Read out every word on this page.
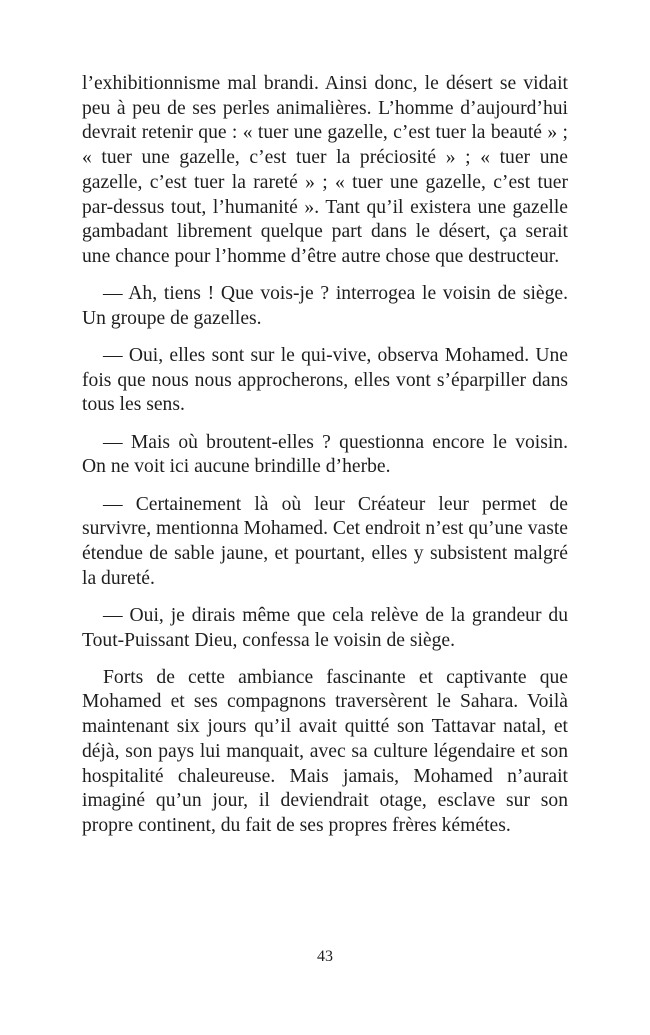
l’exhibitionnisme mal brandi. Ainsi donc, le désert se vidait peu à peu de ses perles animalières. L’homme d’aujourd’hui devrait retenir que : « tuer une gazelle, c’est tuer la beauté » ; « tuer une gazelle, c’est tuer la préciosité » ; « tuer une gazelle, c’est tuer la rareté » ; « tuer une gazelle, c’est tuer par-dessus tout, l’humanité ». Tant qu’il existera une gazelle gambadant librement quelque part dans le désert, ça serait une chance pour l’homme d’être autre chose que destructeur.

— Ah, tiens ! Que vois-je ? interrogea le voisin de siège. Un groupe de gazelles.

— Oui, elles sont sur le qui-vive, observa Mohamed. Une fois que nous nous approcherons, elles vont s’éparpiller dans tous les sens.

— Mais où broutent-elles ? questionna encore le voisin. On ne voit ici aucune brindille d’herbe.

— Certainement là où leur Créateur leur permet de survivre, mentionna Mohamed. Cet endroit n’est qu’une vaste étendue de sable jaune, et pourtant, elles y subsistent malgré la dureté.

— Oui, je dirais même que cela relève de la grandeur du Tout-Puissant Dieu, confessa le voisin de siège.

Forts de cette ambiance fascinante et captivante que Mohamed et ses compagnons traversèrent le Sahara. Voilà maintenant six jours qu’il avait quitté son Tattavar natal, et déjà, son pays lui manquait, avec sa culture légendaire et son hospitalité chaleureuse. Mais jamais, Mohamed n’aurait imaginé qu’un jour, il deviendrait otage, esclave sur son propre continent, du fait de ses propres frères kémétes.

43
